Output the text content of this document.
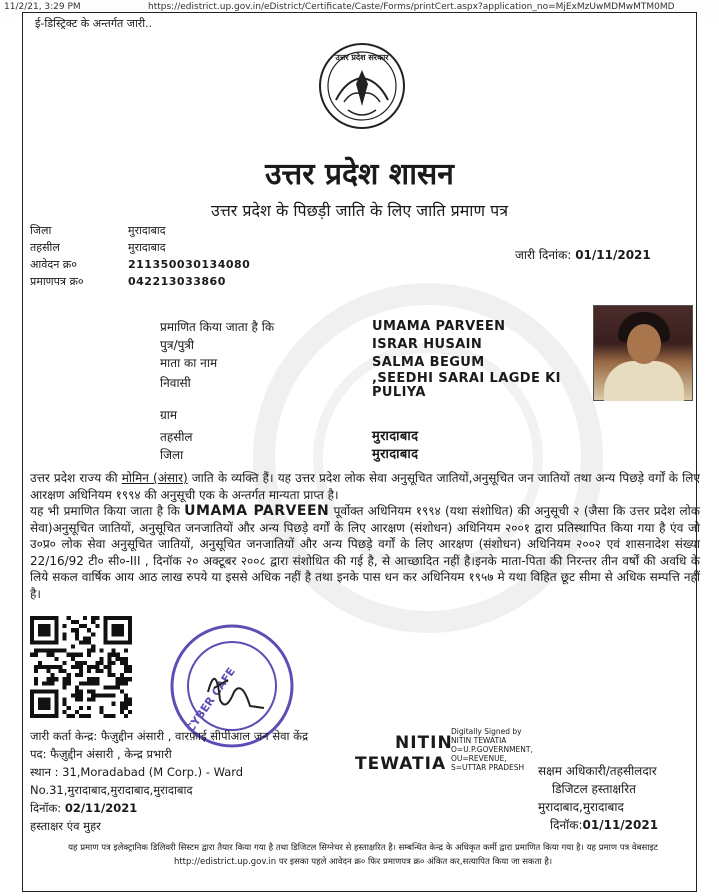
11/2/21, 3:29 PM	https://edistrict.up.gov.in/eDistrict/Certificate/Caste/Forms/printCert.aspx?application_no=MjExMzUwMDMwMTM0MD
ई-डिस्ट्रिक्ट के अन्तर्गत जारी..
उत्तर प्रदेश सरकार
उत्तर प्रदेश शासन
उत्तर प्रदेश के पिछड़ी जाति के लिए जाति प्रमाण पत्र
जिला	मुरादाबाद
तहसील	मुरादाबाद
आवेदन क्र०	211350030134080
प्रमाणपत्र क्र०	042213033860
जारी दिनांक: 01/11/2021
प्रमाणित किया जाता है कि	UMAMA PARVEEN
पुत्र/पुत्री	ISRAR HUSAIN
माता का नाम	SALMA BEGUM
निवासी	,SEEDHI SARAI LAGDE KI
PULIYA
ग्राम
तहसील	मुरादाबाद
जिला	मुरादाबाद

उत्तर प्रदेश राज्य की मोमिन (अंसार) जाति के व्यक्ति हैं। यह उत्तर प्रदेश लोक सेवा अनुसूचित जातियों,अनुसूचित जन जातियों तथा अन्य पिछड़े वर्गों के लिए आरक्षण अधिनियम १९९४ की अनुसूची एक के अन्तर्गत मान्यता प्राप्त है।

यह भी प्रमाणित किया जाता है कि UMAMA PARVEEN पूर्वोक्त अधिनियम १९९४ (यथा संशोधित) की अनुसूची २ (जैसा कि उत्तर प्रदेश लोक सेवा)अनुसूचित जातियों, अनुसूचित जनजातियों और अन्य पिछड़े वर्गों के लिए आरक्षण (संशोधन) अधिनियम २००१ द्वारा प्रतिस्थापित किया गया है एंव जो उ०प्र० लोक सेवा अनुसूचित जातियों, अनुसूचित जनजातियों और अन्य पिछड़े वर्गों के लिए आरक्षण (संशोधन) अधिनियम २००२ एवं शासनादेश संख्या 22/16/92 टी० सी०-III , दिनॉक २० अक्टूबर २००८ द्वारा संशोधित की गई है, से आच्छादित नहीं है।इनके माता-पिता की निरन्तर तीन वर्षों की अवधि के लिये सकल वार्षिक आय आठ लाख रुपये या इससे अधिक नहीं है तथा इनके पास धन कर अधिनियम १९५७ मे यथा विहित छूट सीमा से अधिक सम्पत्ति नहीं है।

CYBER CAFE
जारी कर्ता केन्द्र: फैज़ुद्दीन अंसारी , वारफ़ाई सीपीआल जन सेवा केंद्र
पद: फैज़ुद्दीन अंसारी , केन्द्र प्रभारी
स्थान : 31,Moradabad (M Corp.) - Ward
No.31,मुरादाबाद,मुरादाबाद,मुरादाबाद
दिनॉक: 02/11/2021
हस्ताक्षर एंव मुहर
NITIN
TEWATIA
Digitally Signed by
NITIN TEWATIA
O=U.P.GOVERNMENT,
OU=REVENUE,
S=UTTAR PRADESH	सक्षम अधिकारी/तहसीलदार
डिजिटल हस्ताक्षरित
मुरादाबाद,मुरादाबाद
दिनॉक:01/11/2021
यह प्रमाण पत्र इलेक्ट्रानिक डिलिवरी सिस्टम द्वारा तैयार किया गया है तथा डिजिटल सिग्नेचर से हस्ताक्षरित है। सम्बन्धित केन्द्र के अधिकृत कर्मी द्वारा प्रमाणित किया गया है। यह प्रमाण पत्र वेबसाइट http://edistrict.up.gov.in पर इसका पहले आवेदन क्र० फिर प्रमाणपत्र क्र० अंकित कर,सत्यापित किया जा सकता है।
